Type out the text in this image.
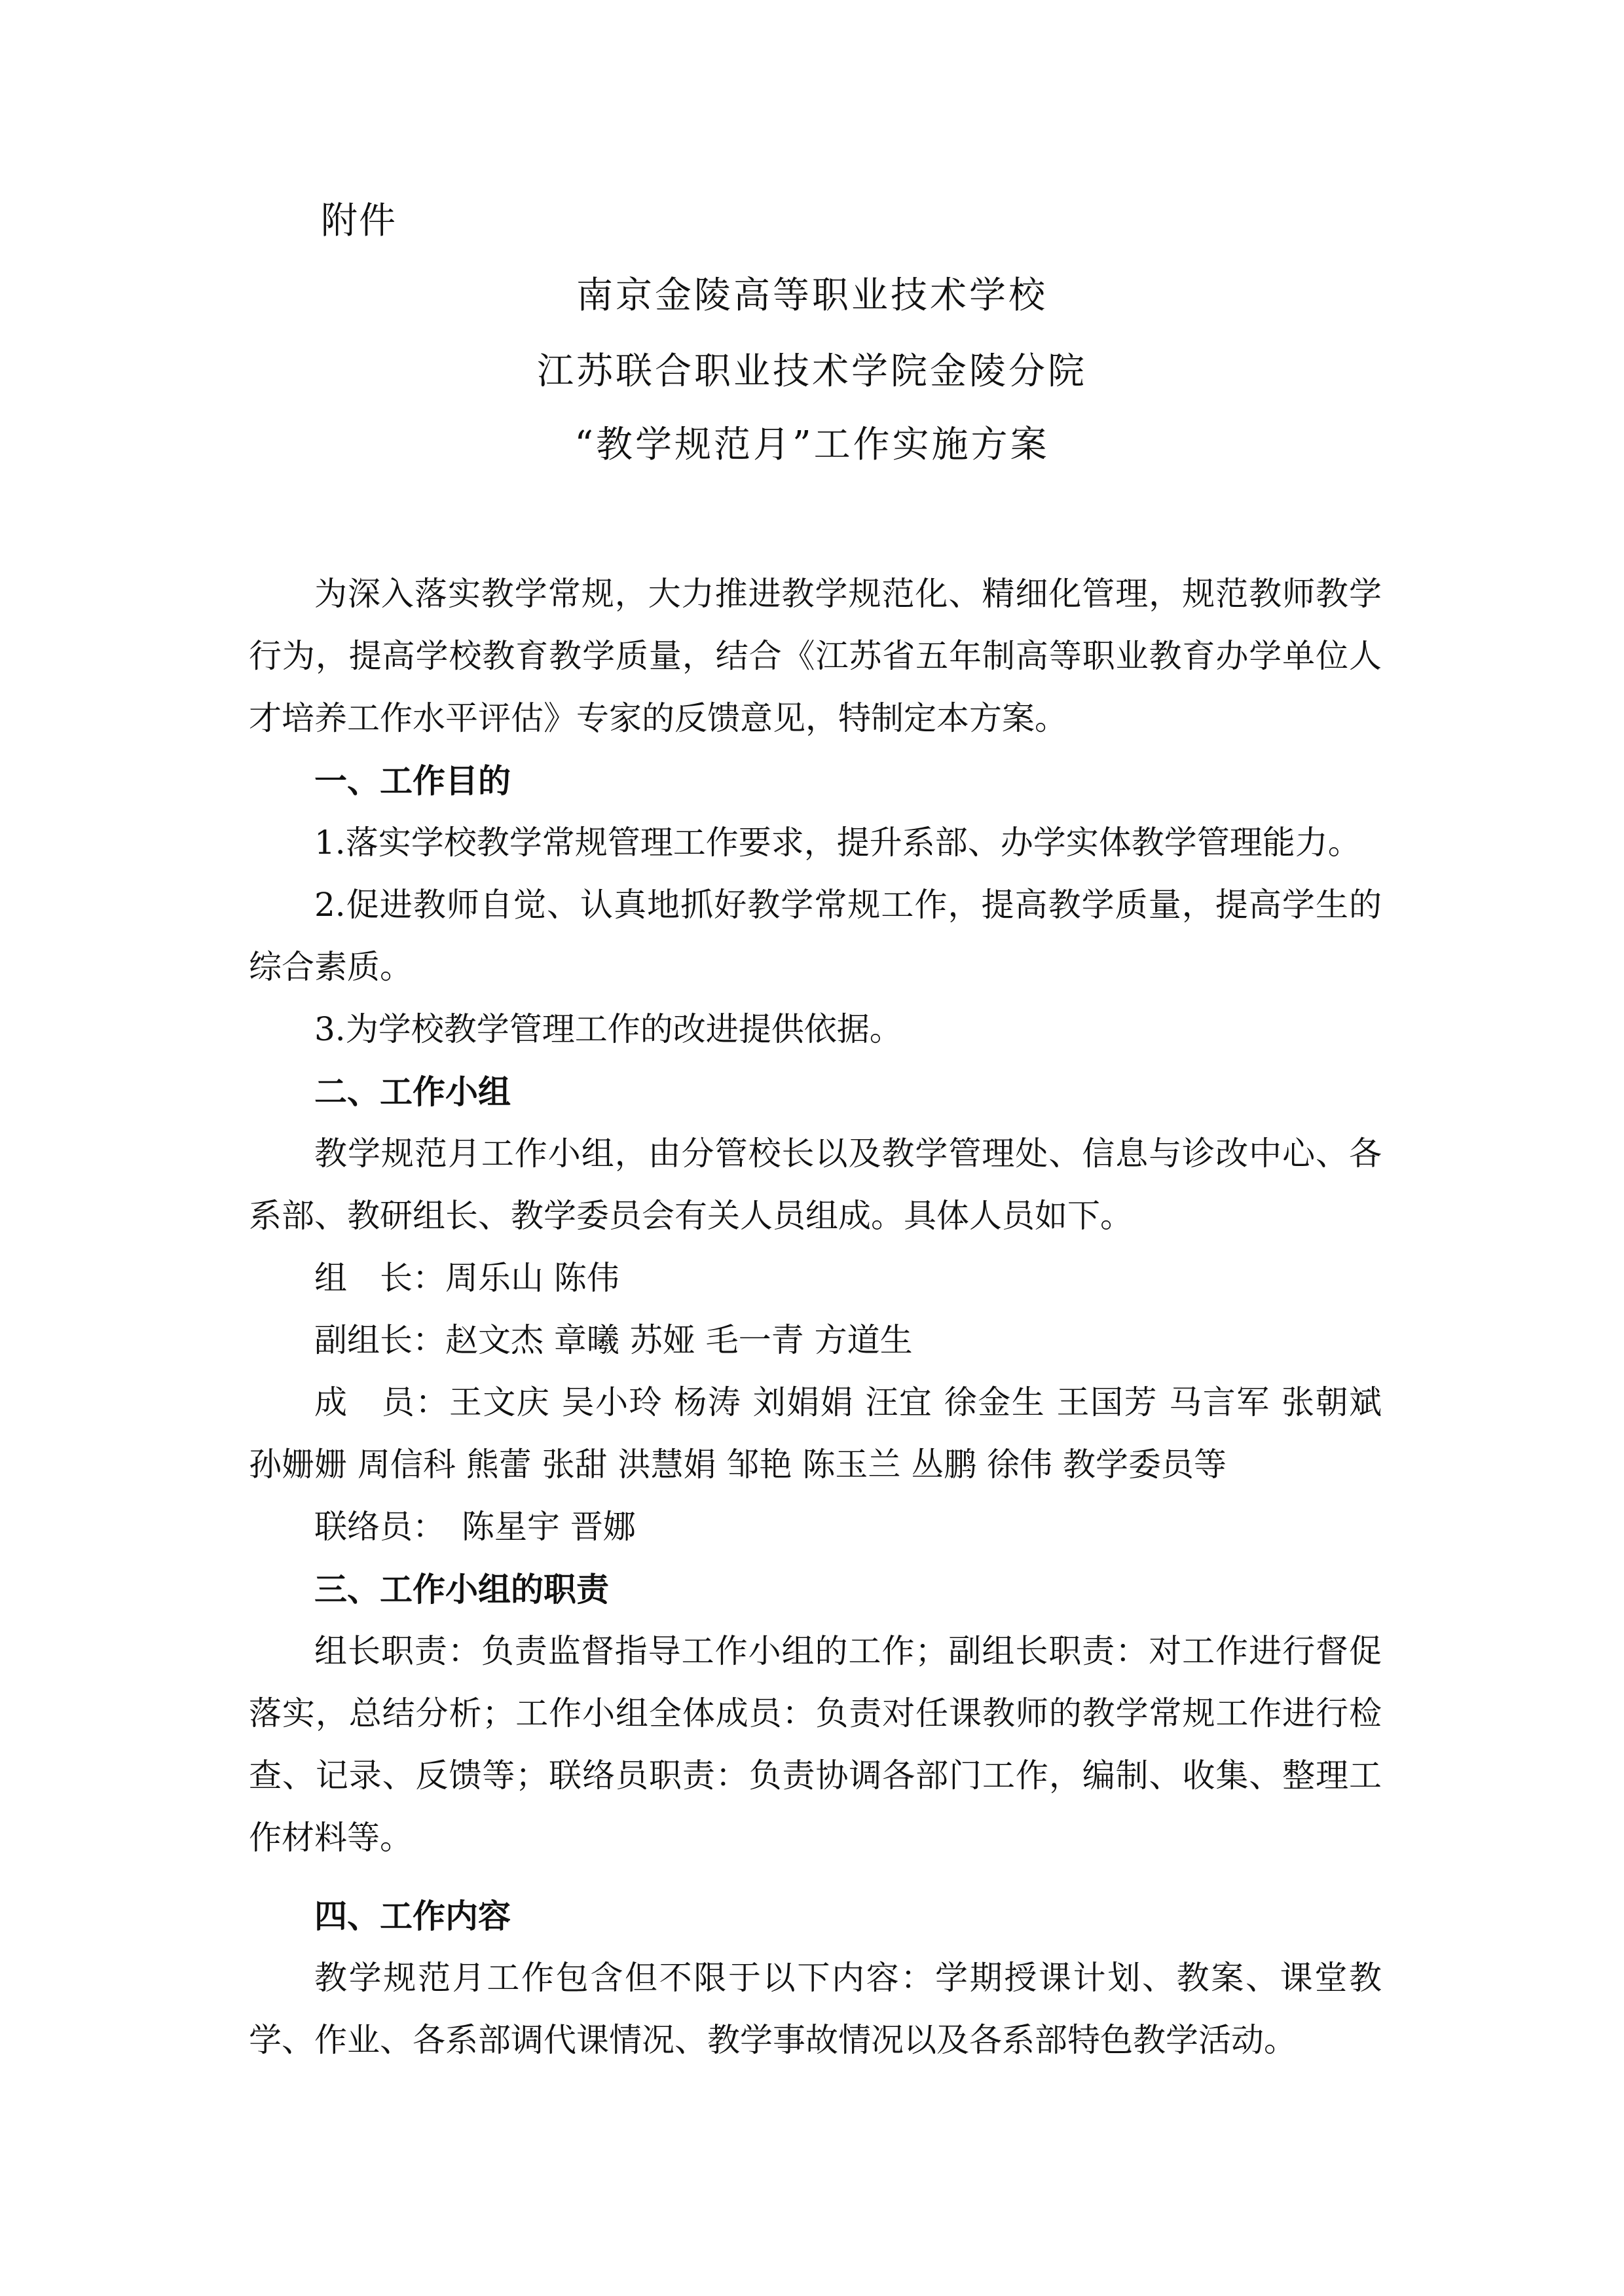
附件
南京金陵高等职业技术学校
江苏联合职业技术学院金陵分院
“教学规范月”工作实施方案

为深入落实教学常规，大力推进教学规范化、精细化管理，规范教师教学行为，提高学校教育教学质量，结合《江苏省五年制高等职业教育办学单位人才培养工作水平评估》专家的反馈意见，特制定本方案。

一、工作目的

1.落实学校教学常规管理工作要求，提升系部、办学实体教学管理能力。

2.促进教师自觉、认真地抓好教学常规工作，提高教学质量，提高学生的综合素质。

3.为学校教学管理工作的改进提供依据。

二、工作小组

教学规范月工作小组，由分管校长以及教学管理处、信息与诊改中心、各系部、教研组长、教学委员会有关人员组成。具体人员如下。

组　长：周乐山 陈伟

副组长：赵文杰 章曦 苏娅 毛一青 方道生

成　员：王文庆 吴小玲 杨涛 刘娟娟 汪宜 徐金生 王国芳 马言军 张朝斌 孙姗姗 周信科 熊蕾 张甜 洪慧娟 邹艳 陈玉兰 丛鹏 徐伟 教学委员等

联络员：　陈星宇 晋娜

三、工作小组的职责

组长职责：负责监督指导工作小组的工作；副组长职责：对工作进行督促落实，总结分析；工作小组全体成员：负责对任课教师的教学常规工作进行检查、记录、反馈等；联络员职责：负责协调各部门工作，编制、收集、整理工作材料等。

四、工作内容

教学规范月工作包含但不限于以下内容：学期授课计划、教案、课堂教学、作业、各系部调代课情况、教学事故情况以及各系部特色教学活动。
